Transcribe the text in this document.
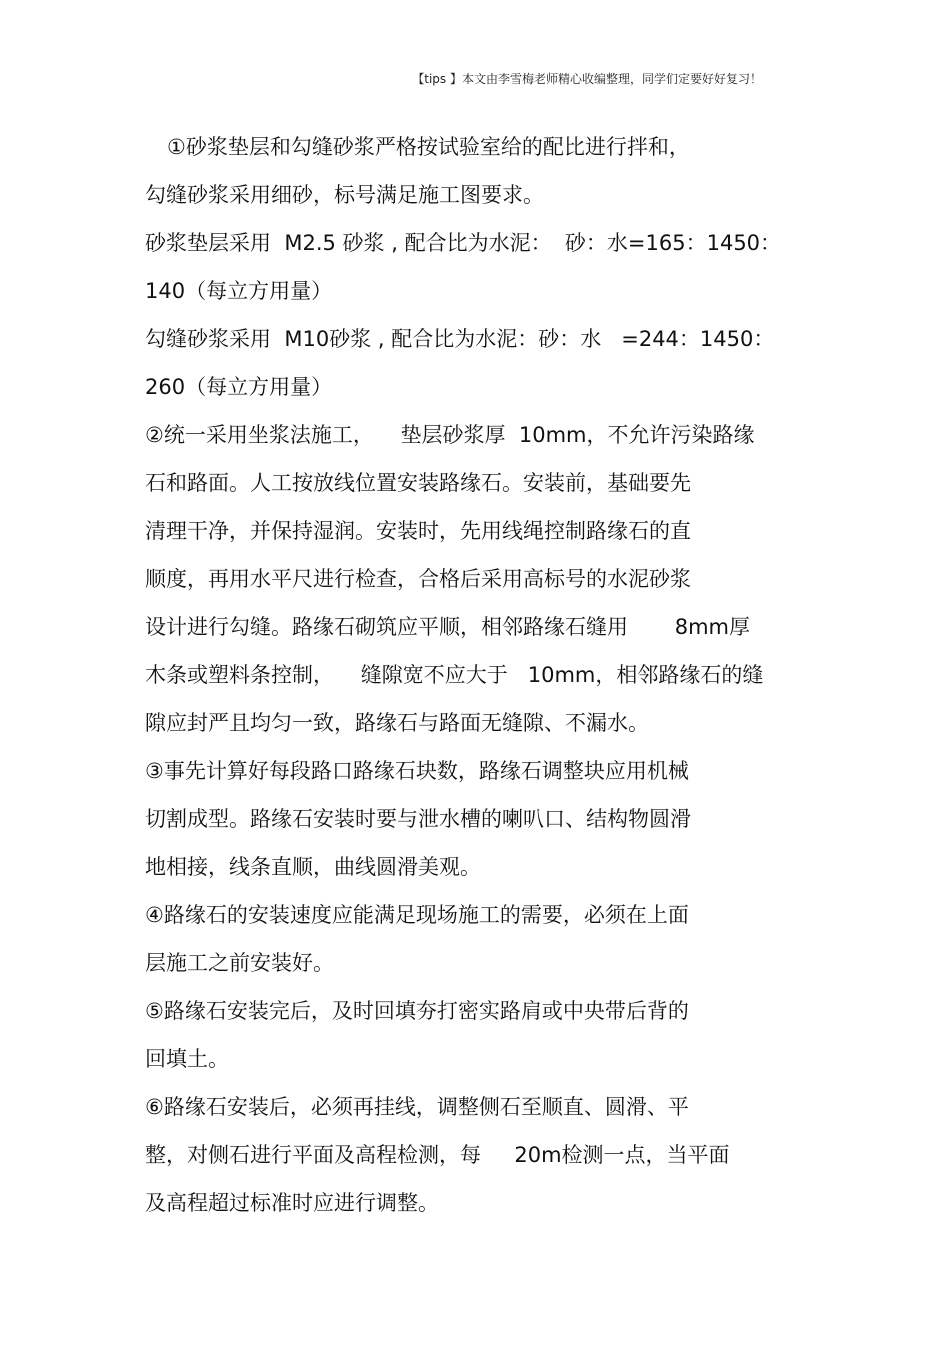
【tips 】本文由李雪梅老师精心收编整理，同学们定要好好复习！
①砂浆垫层和勾缝砂浆严格按试验室给的配比进行拌和，
勾缝砂浆采用细砂，标号满足施工图要求。
砂浆垫层采用  M2.5 砂浆 , 配合比为水泥：  砂：水=165：1450：
140（每立方用量）
勾缝砂浆采用  M10砂浆 , 配合比为水泥：砂：水   =244：1450：
260（每立方用量）
②统一采用坐浆法施工，    垫层砂浆厚  10mm，不允许污染路缘
石和路面。人工按放线位置安装路缘石。安装前，基础要先
清理干净，并保持湿润。安装时，先用线绳控制路缘石的直
顺度，再用水平尺进行检查，合格后采用高标号的水泥砂浆
设计进行勾缝。路缘石砌筑应平顺，相邻路缘石缝用       8mm厚
木条或塑料条控制，    缝隙宽不应大于   10mm，相邻路缘石的缝
隙应封严且均匀一致，路缘石与路面无缝隙、不漏水。
③事先计算好每段路口路缘石块数，路缘石调整块应用机械
切割成型。路缘石安装时要与泄水槽的喇叭口、结构物圆滑
地相接，线条直顺，曲线圆滑美观。
④路缘石的安装速度应能满足现场施工的需要，必须在上面
层施工之前安装好。
⑤路缘石安装完后，及时回填夯打密实路肩或中央带后背的
回填土。
⑥路缘石安装后，必须再挂线，调整侧石至顺直、圆滑、平
整，对侧石进行平面及高程检测，每     20m检测一点，当平面
及高程超过标准时应进行调整。
